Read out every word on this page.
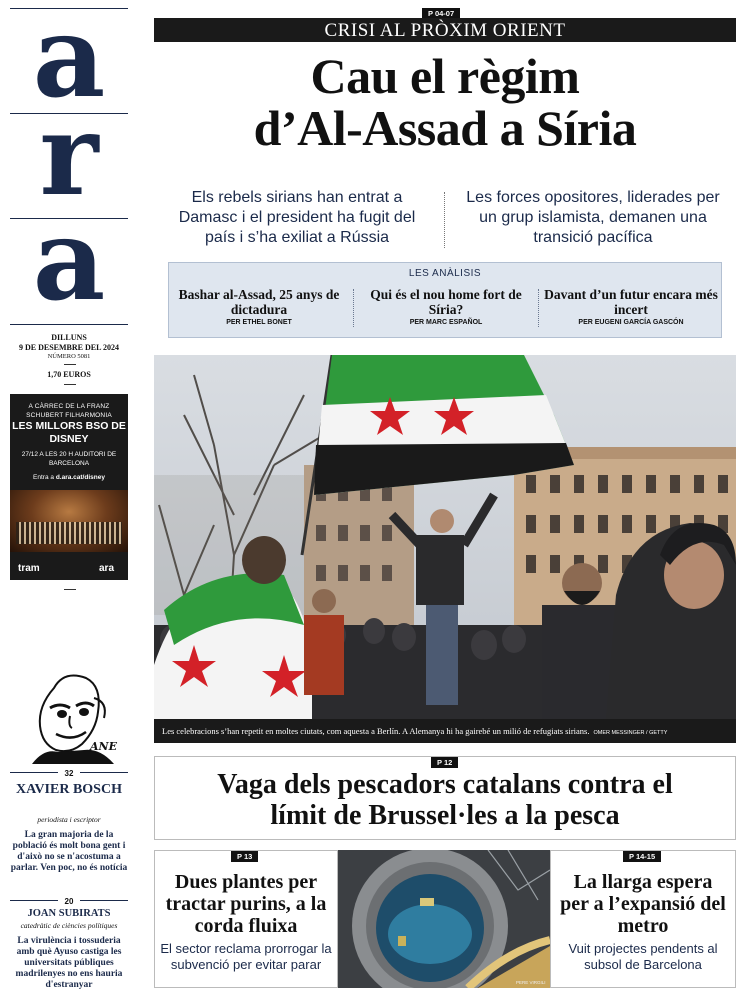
a
r
a
DILLUNS
9 DE DESEMBRE DEL 2024
NÚMERO 5081
1,70 EUROS
A CÀRREC DE LA FRANZ SCHUBERT FILHARMONIA
LES MILLORS BSO DE DISNEY
27/12 A LES 20 H AUDITORI DE BARCELONA
Entra a d.ara.cat/disney
tram	ara
ANE
32
XAVIER BOSCH
periodista i escriptor
La gran majoria de la població és molt bona gent i d'això no se n'acostuma a parlar. Ven poc, no és notícia
20
JOAN SUBIRATS
catedràtic de ciències polítiques
La virulència i tossuderia amb què Ayuso castiga les universitats públiques madrilenyes no ens hauria d'estranyar
P 04-07
CRISI AL PRÒXIM ORIENT
Cau el règim
d’Al-Assad a Síria
Els rebels sirians han entrat a Damasc i el president ha fugit del país i s’ha exiliat a Rússia
Les forces opositores, liderades per un grup islamista, demanen una transició pacífica
LES ANÀLISIS
Bashar al-Assad, 25 anys de dictadura
PER ETHEL BONET
Qui és el nou home fort de Síria?
PER MARC ESPAÑOL
Davant d’un futur encara més incert
PER EUGENI GARCÍA GASCÓN
Les celebracions s’han repetit en moltes ciutats, com aquesta a Berlín. A Alemanya hi ha gairebé un milió de refugiats sirians. OMER MESSINGER / GETTY
P 12
Vaga dels pescadors catalans contra el límit de Brussel·les a la pesca
P 13
Dues plantes per tractar purins, a la corda fluixa
El sector reclama prorrogar la subvenció per evitar parar
PERE VIRGILI
P 14-15
La llarga espera per a l’expansió del metro
Vuit projectes pendents al subsol de Barcelona
